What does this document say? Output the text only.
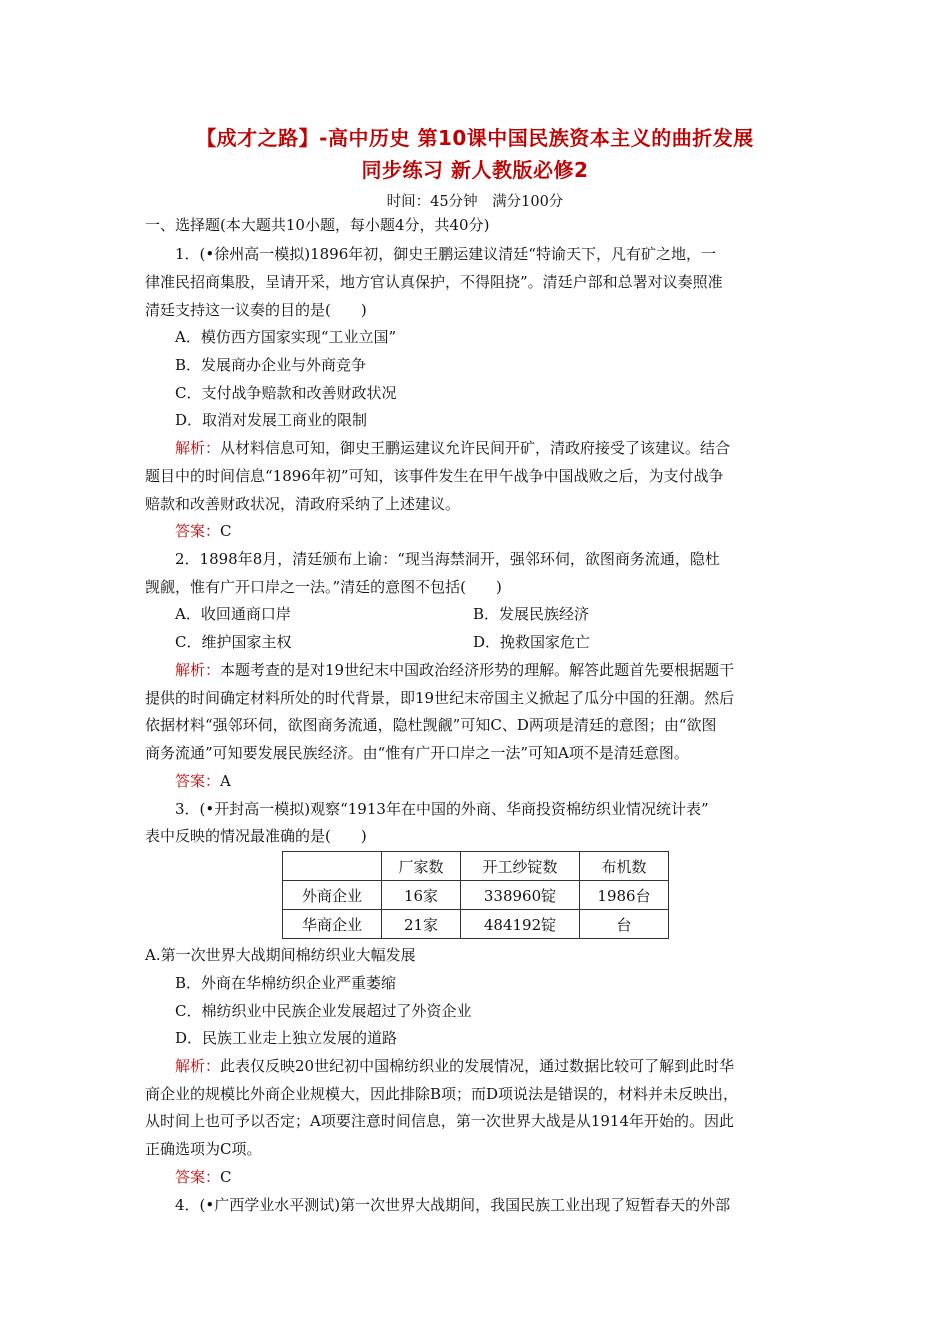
【成才之路】-高中历史 第10课中国民族资本主义的曲折发展
同步练习 新人教版必修2
时间：45分钟　满分100分
一、选择题(本大题共10小题，每小题4分，共40分)
1．(•徐州高一模拟)1896年初，御史王鹏运建议清廷“特谕天下，凡有矿之地，一
律准民招商集股，呈请开采，地方官认真保护，不得阻挠”。清廷户部和总署对议奏照准
清廷支持这一议奏的目的是(　　)
A．模仿西方国家实现“工业立国”
B．发展商办企业与外商竞争
C．支付战争赔款和改善财政状况
D．取消对发展工商业的限制
解析：从材料信息可知，御史王鹏运建议允许民间开矿，清政府接受了该建议。结合
题目中的时间信息“1896年初”可知，该事件发生在甲午战争中国战败之后，为支付战争
赔款和改善财政状况，清政府采纳了上述建议。
答案：C
2．1898年8月，清廷颁布上谕：“现当海禁洞开，强邻环伺，欲图商务流通，隐杜
觊觎，惟有广开口岸之一法。”清廷的意图不包括(　　)
A．收回通商口岸	B．发展民族经济
C．维护国家主权	D．挽救国家危亡
解析：本题考查的是对19世纪末中国政治经济形势的理解。解答此题首先要根据题干
提供的时间确定材料所处的时代背景，即19世纪末帝国主义掀起了瓜分中国的狂潮。然后
依据材料“强邻环伺，欲图商务流通，隐杜觊觎”可知C、D两项是清廷的意图；由“欲图
商务流通”可知要发展民族经济。由“惟有广开口岸之一法”可知A项不是清廷意图。
答案：A
3．(•开封高一模拟)观察“1913年在中国的外商、华商投资棉纺织业情况统计表”
表中反映的情况最准确的是(　　)
	厂家数	开工纱锭数	布机数
外商企业	16家	338960锭	1986台
华商企业	21家	484192锭	台
A.第一次世界大战期间棉纺织业大幅发展
B．外商在华棉纺织企业严重萎缩
C．棉纺织业中民族企业发展超过了外资企业
D．民族工业走上独立发展的道路
解析：此表仅反映20世纪初中国棉纺织业的发展情况，通过数据比较可了解到此时华
商企业的规模比外商企业规模大，因此排除B项；而D项说法是错误的，材料并未反映出，
从时间上也可予以否定；A项要注意时间信息，第一次世界大战是从1914年开始的。因此
正确选项为C项。
答案：C
4．(•广西学业水平测试)第一次世界大战期间，我国民族工业出现了短暂春天的外部
